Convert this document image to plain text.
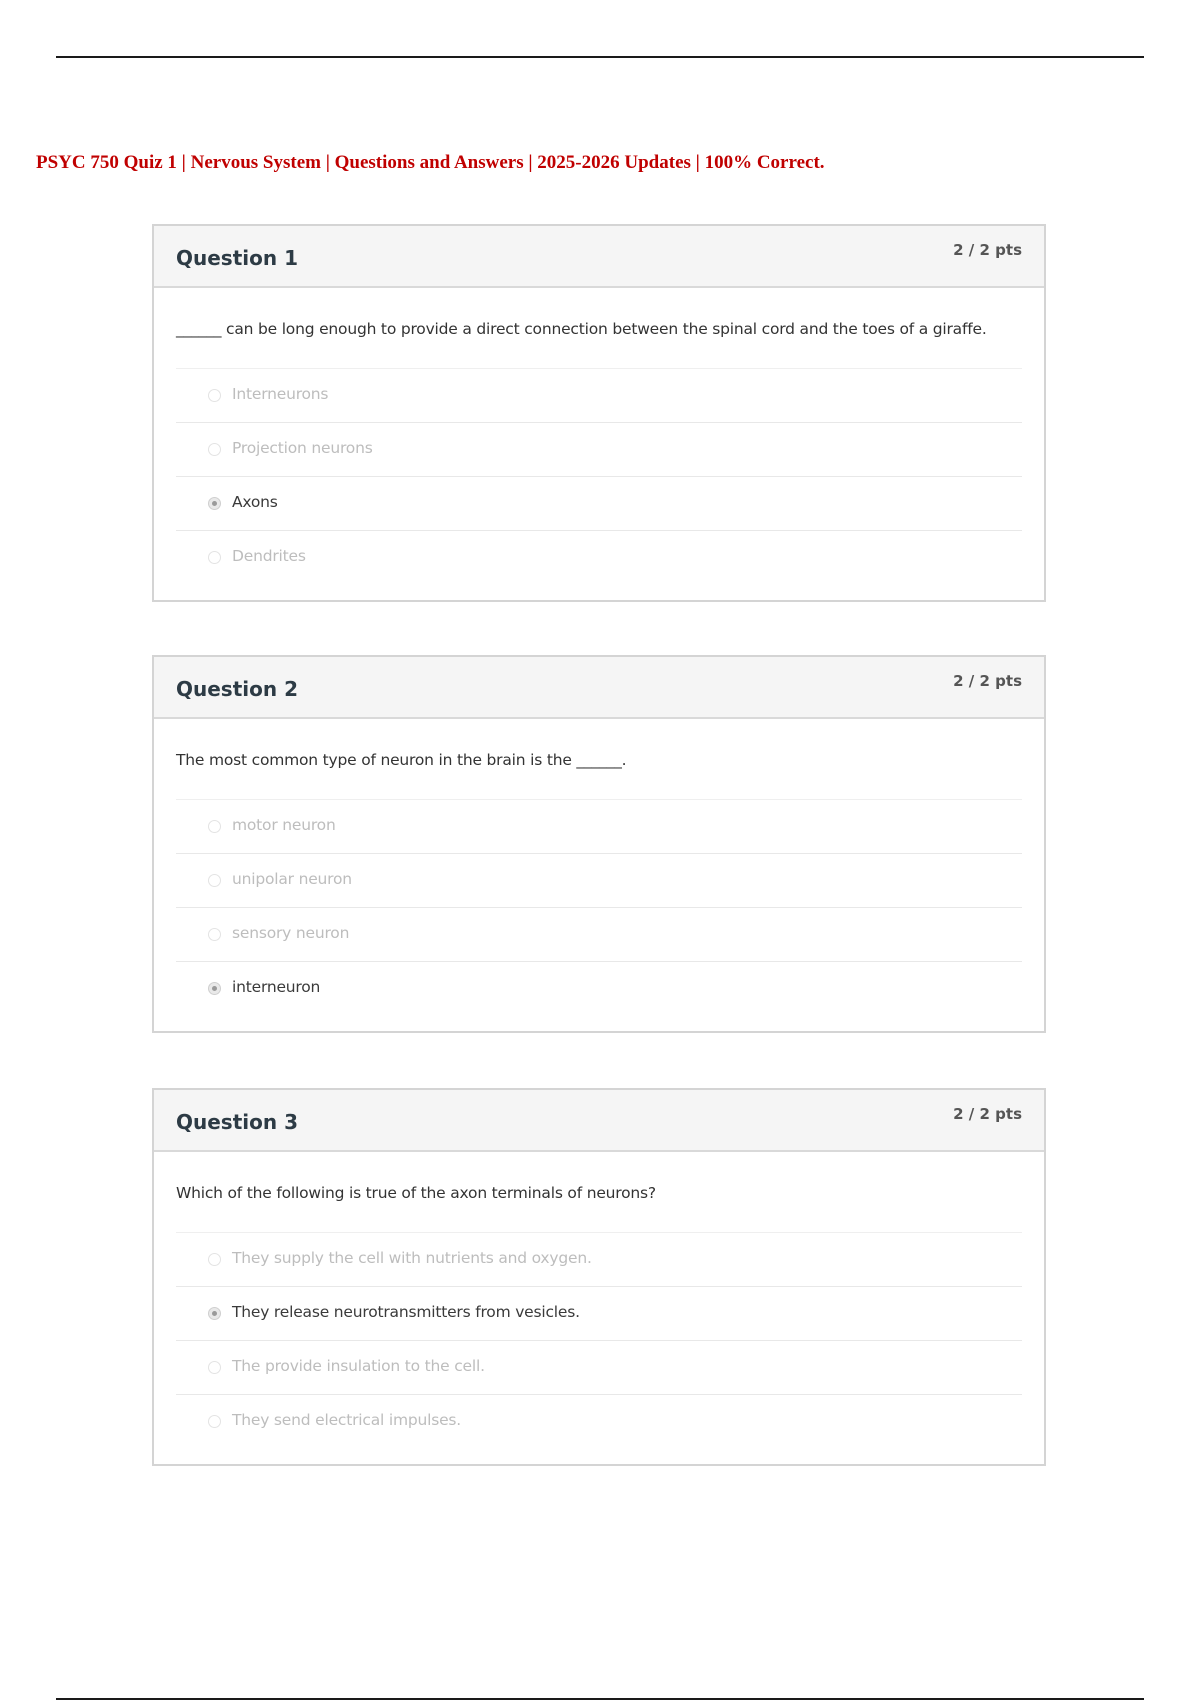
PSYC 750 Quiz 1 | Nervous System | Questions and Answers | 2025-2026 Updates | 100% Correct.
Question 1	2 / 2 pts
______ can be long enough to provide a direct connection between the spinal cord and the toes of a giraffe.
Interneurons
Projection neurons
Axons
Dendrites
Question 2	2 / 2 pts
The most common type of neuron in the brain is the ______.
motor neuron
unipolar neuron
sensory neuron
interneuron
Question 3	2 / 2 pts
Which of the following is true of the axon terminals of neurons?
They supply the cell with nutrients and oxygen.
They release neurotransmitters from vesicles.
The provide insulation to the cell.
They send electrical impulses.
